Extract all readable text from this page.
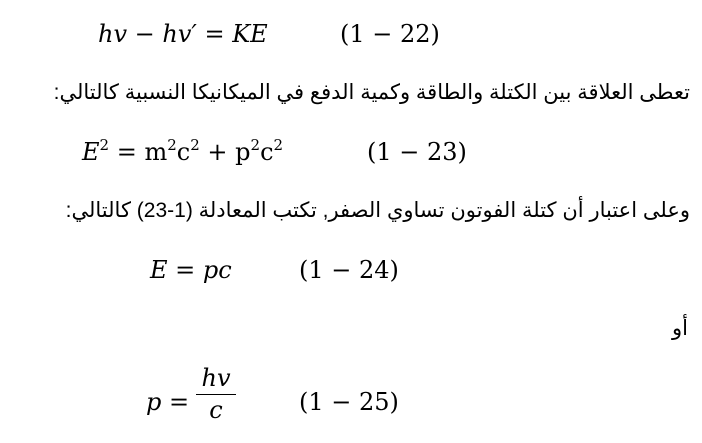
hv − hv′ = KE	(1 − 22)
تعطى العلاقة بين الكتلة والطاقة وكمية الدفع في الميكانيكا النسبية كالتالي:
$E^2 = m^2c^2 + p^2c^2$	(1 − 23)
وعلى اعتبار أن كتلة الفوتون تساوي الصفر, تكتب المعادلة (1-23) كالتالي:
E = pc	(1 − 24)
أو
p =
hv
c	(1 − 25)
